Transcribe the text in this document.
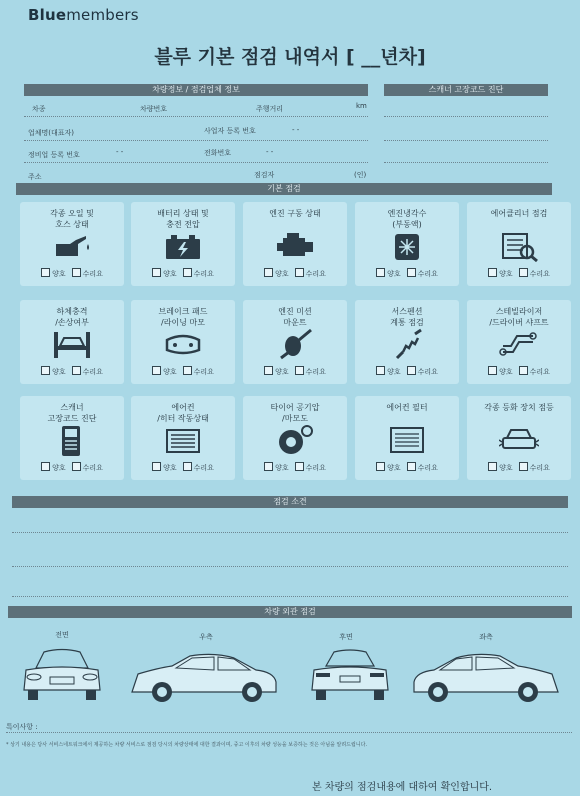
Bluemembers
블루 기본 점검 내역서 [ __년차]
차량정보 / 점검업체 정보	스캐너 고장코드 진단
차종	차량번호	주행거리	km
업체명(대표자)	사업자 등록 번호	- -
정비업 등록 번호	- -	전화번호	- -
주소	점검자	(인)
기본 점검
각종 오일 및
호스 상태
양호 수리요
배터리 상태 및
충전 전압
양호 수리요
엔진 구동 상태
양호 수리요
엔진냉각수
(부동액)
양호 수리요
에어클리너 점검
양호 수리요
하체충격
/손상여부
양호 수리요
브레이크 패드
/라이닝 마모
양호 수리요
엔진 미션
마운트
양호 수리요
서스펜션
계통 점검
양호 수리요
스테빌라이저
/드라이버 샤프트
양호 수리요
스캐너
고장코드 진단
양호 수리요
에어컨
/히터 작동상태
양호 수리요
타이어 공기압
/마모도
양호 수리요
에어컨 필터
양호 수리요
각종 등화 장치 점등
양호 수리요
점검 소견
차량 외관 점검
전면	우측	후면	좌측
특이사항 :
* 상기 내용은 당사 서비스네트워크에서 제공하는 차량 서비스로 점검 당시의 차량상태에 대한 결과이며, 중고 이후의 차량 성능을 보증하는 것은 아님을 알려드립니다.
본 차량의 점검내용에 대하여 확인합니다.
